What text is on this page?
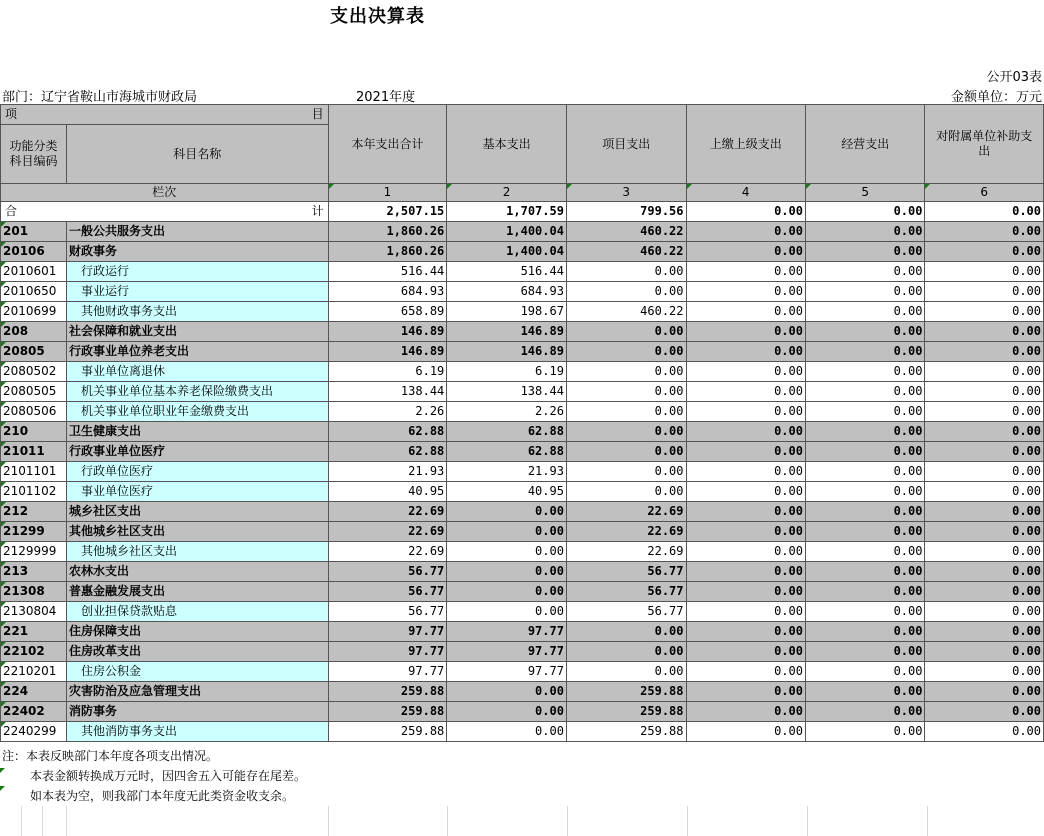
支出决算表
公开03表
部门：辽宁省鞍山市海城市财政局	2021年度	金额单位：万元
项 目		本年支出合计	基本支出	项目支出	上缴上级支出	经营支出	对附属单位补助支出
功能分类科目编码	科目名称						
栏次		1	2	3	4	5	6

合 计		2,507.15	1,707.59	799.56	0.00	0.00	0.00
201	一般公共服务支出	1,860.26	1,400.04	460.22	0.00	0.00	0.00
20106	财政事务	1,860.26	1,400.04	460.22	0.00	0.00	0.00
2010601	行政运行	516.44	516.44	0.00	0.00	0.00	0.00
2010650	事业运行	684.93	684.93	0.00	0.00	0.00	0.00
2010699	其他财政事务支出	658.89	198.67	460.22	0.00	0.00	0.00
208	社会保障和就业支出	146.89	146.89	0.00	0.00	0.00	0.00
20805	行政事业单位养老支出	146.89	146.89	0.00	0.00	0.00	0.00
2080502	事业单位离退休	6.19	6.19	0.00	0.00	0.00	0.00
2080505	机关事业单位基本养老保险缴费支出	138.44	138.44	0.00	0.00	0.00	0.00
2080506	机关事业单位职业年金缴费支出	2.26	2.26	0.00	0.00	0.00	0.00
210	卫生健康支出	62.88	62.88	0.00	0.00	0.00	0.00
21011	行政事业单位医疗	62.88	62.88	0.00	0.00	0.00	0.00
2101101	行政单位医疗	21.93	21.93	0.00	0.00	0.00	0.00
2101102	事业单位医疗	40.95	40.95	0.00	0.00	0.00	0.00
212	城乡社区支出	22.69	0.00	22.69	0.00	0.00	0.00
21299	其他城乡社区支出	22.69	0.00	22.69	0.00	0.00	0.00
2129999	其他城乡社区支出	22.69	0.00	22.69	0.00	0.00	0.00
213	农林水支出	56.77	0.00	56.77	0.00	0.00	0.00
21308	普惠金融发展支出	56.77	0.00	56.77	0.00	0.00	0.00
2130804	创业担保贷款贴息	56.77	0.00	56.77	0.00	0.00	0.00
221	住房保障支出	97.77	97.77	0.00	0.00	0.00	0.00
22102	住房改革支出	97.77	97.77	0.00	0.00	0.00	0.00
2210201	住房公积金	97.77	97.77	0.00	0.00	0.00	0.00
224	灾害防治及应急管理支出	259.88	0.00	259.88	0.00	0.00	0.00
22402	消防事务	259.88	0.00	259.88	0.00	0.00	0.00
2240299	其他消防事务支出	259.88	0.00	259.88	0.00	0.00	0.00
注：本表反映部门本年度各项支出情况。
本表金额转换成万元时，因四舍五入可能存在尾差。
如本表为空，则我部门本年度无此类资金收支余。
